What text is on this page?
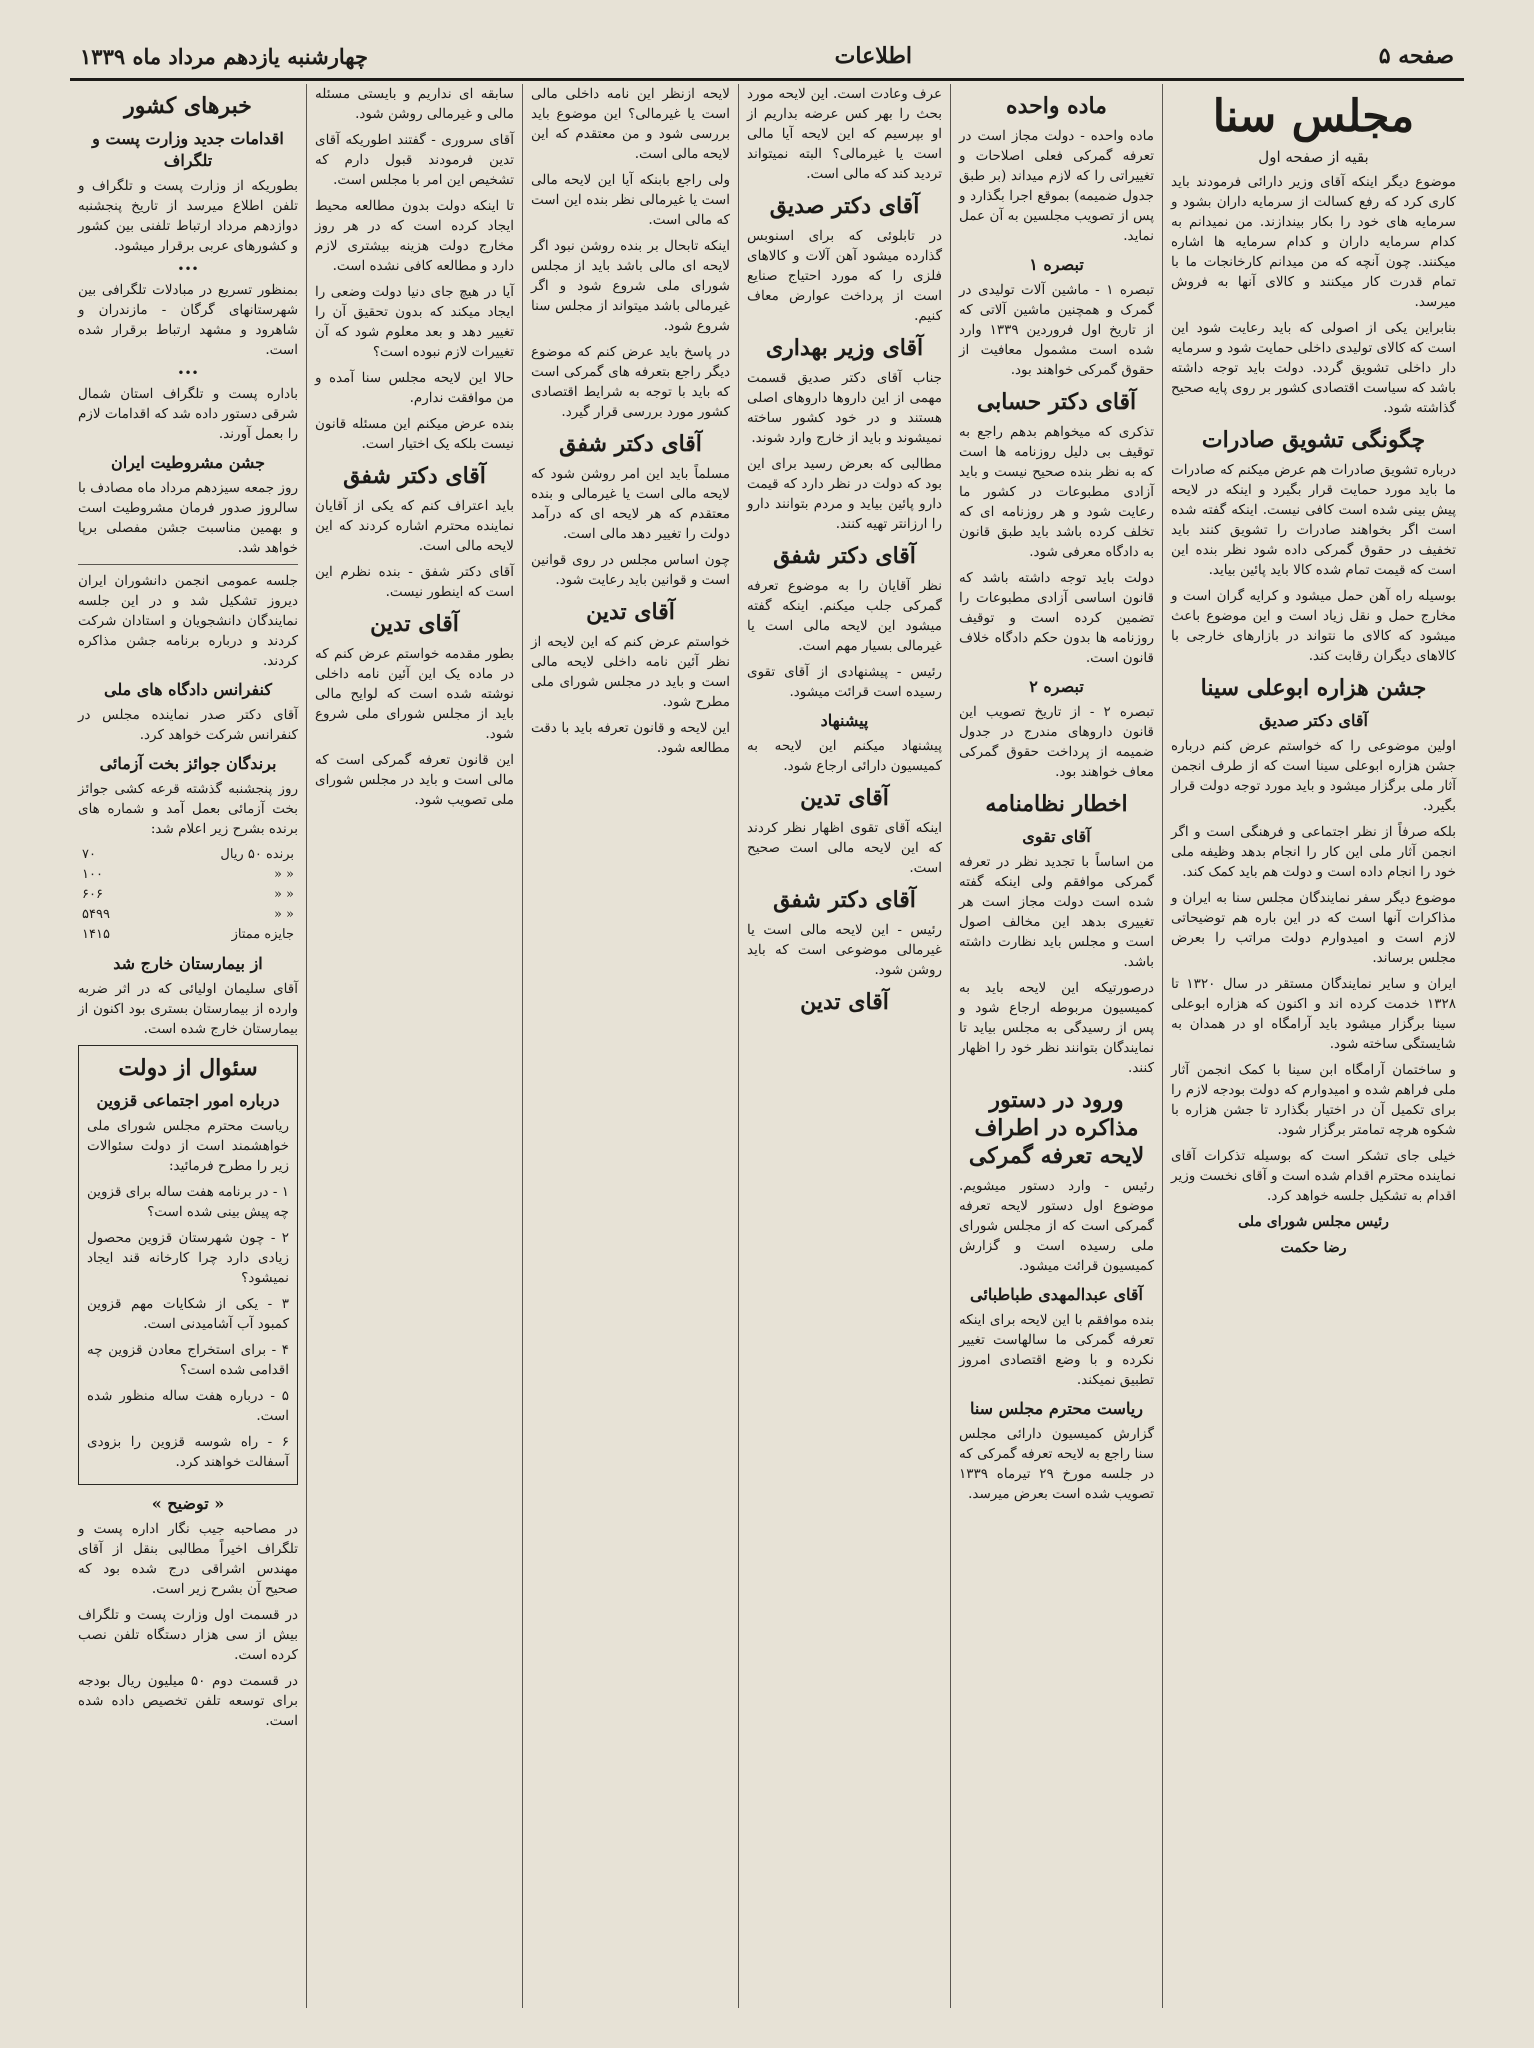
صفحه ۵
اطلاعات
چهارشنبه یازدهم مرداد ماه ۱۳۳۹
مجلس سنا
بقیه از صفحه اول

موضوع دیگر اینکه آقای وزیر دارائی فرمودند باید کاری کرد که رفع کسالت از سرمایه داران بشود و سرمایه های خود را بکار بیندازند. من نمیدانم به کدام سرمایه داران و کدام سرمایه ها اشاره میکنند. چون آنچه که من میدانم کارخانجات ما با تمام قدرت کار میکنند و کالای آنها به فروش میرسد.

بنابراین یکی از اصولی که باید رعایت شود این است که کالای تولیدی داخلی حمایت شود و سرمایه دار داخلی تشویق گردد. دولت باید توجه داشته باشد که سیاست اقتصادی کشور بر روی پایه صحیح گذاشته شود.

چگونگی تشویق صادرات

درباره تشویق صادرات هم عرض میکنم که صادرات ما باید مورد حمایت قرار بگیرد و اینکه در لایحه پیش بینی شده است کافی نیست. اینکه گفته شده است اگر بخواهند صادرات را تشویق کنند باید تخفیف در حقوق گمرکی داده شود نظر بنده این است که قیمت تمام شده کالا باید پائین بیاید.

بوسیله راه آهن حمل میشود و کرایه گران است و مخارج حمل و نقل زیاد است و این موضوع باعث میشود که کالای ما نتواند در بازارهای خارجی با کالاهای دیگران رقابت کند.

جشن هزاره ابوعلی سینا
آقای دکتر صدیق

اولین موضوعی را که خواستم عرض کنم درباره جشن هزاره ابوعلی سینا است که از طرف انجمن آثار ملی برگزار میشود و باید مورد توجه دولت قرار بگیرد.

بلکه صرفاً از نظر اجتماعی و فرهنگی است و اگر انجمن آثار ملی این کار را انجام بدهد وظیفه ملی خود را انجام داده است و دولت هم باید کمک کند.

موضوع دیگر سفر نمایندگان مجلس سنا به ایران و مذاکرات آنها است که در این باره هم توضیحاتی لازم است و امیدوارم دولت مراتب را بعرض مجلس برساند.

ایران و سایر نمایندگان مستقر در سال ۱۳۲۰ تا ۱۳۲۸ خدمت کرده اند و اکنون که هزاره ابوعلی سینا برگزار میشود باید آرامگاه او در همدان به شایستگی ساخته شود.

و ساختمان آرامگاه ابن سینا با کمک انجمن آثار ملی فراهم شده و امیدوارم که دولت بودجه لازم را برای تکمیل آن در اختیار بگذارد تا جشن هزاره با شکوه هرچه تمامتر برگزار شود.

خیلی جای تشکر است که بوسیله تذکرات آقای نماینده محترم اقدام شده است و آقای نخست وزیر اقدام به تشکیل جلسه خواهد کرد.

رئیس مجلس شورای ملی
رضا حکمت
ماده واحده

ماده واحده - دولت مجاز است در تعرفه گمرکی فعلی اصلاحات و تغییراتی را که لازم میداند (بر طبق جدول ضمیمه) بموقع اجرا بگذارد و پس از تصویب مجلسین به آن عمل نماید.

تبصره ۱

تبصره ۱ - ماشین آلات تولیدی در گمرک و همچنین ماشین آلاتی که از تاریخ اول فروردین ۱۳۳۹ وارد شده است مشمول معافیت از حقوق گمرکی خواهند بود.

آقای دکتر حسابی

تذکری که میخواهم بدهم راجع به توقیف بی دلیل روزنامه ها است که به نظر بنده صحیح نیست و باید آزادی مطبوعات در کشور ما رعایت شود و هر روزنامه ای که تخلف کرده باشد باید طبق قانون به دادگاه معرفی شود.

دولت باید توجه داشته باشد که قانون اساسی آزادی مطبوعات را تضمین کرده است و توقیف روزنامه ها بدون حکم دادگاه خلاف قانون است.

تبصره ۲

تبصره ۲ - از تاریخ تصویب این قانون داروهای مندرج در جدول ضمیمه از پرداخت حقوق گمرکی معاف خواهند بود.

اخطار نظامنامه
آقای تقوی

من اساساً با تجدید نظر در تعرفه گمرکی موافقم ولی اینکه گفته شده است دولت مجاز است هر تغییری بدهد این مخالف اصول است و مجلس باید نظارت داشته باشد.

درصورتیکه این لایحه باید به کمیسیون مربوطه ارجاع شود و پس از رسیدگی به مجلس بیاید تا نمایندگان بتوانند نظر خود را اظهار کنند.

ورود در دستور مذاکره در اطراف لایحه تعرفه گمرکی

رئیس - وارد دستور میشویم. موضوع اول دستور لایحه تعرفه گمرکی است که از مجلس شورای ملی رسیده است و گزارش کمیسیون قرائت میشود.

آقای عبدالمهدی طباطبائی

بنده موافقم با این لایحه برای اینکه تعرفه گمرکی ما سالهاست تغییر نکرده و با وضع اقتصادی امروز تطبیق نمیکند.

ریاست محترم مجلس سنا

گزارش کمیسیون دارائی مجلس سنا راجع به لایحه تعرفه گمرکی که در جلسه مورخ ۲۹ تیرماه ۱۳۳۹ تصویب شده است بعرض میرسد.

عرف وعادت است. این لایحه مورد بحث را بهر کس عرضه بداریم از او بپرسیم که این لایحه آیا مالی است یا غیرمالی؟ البته نمیتواند تردید کند که مالی است.

آقای دکتر صدیق

در تابلوئی که برای اسنوبس گذارده میشود آهن آلات و کالاهای فلزی را که مورد احتیاج صنایع است از پرداخت عوارض معاف کنیم.

آقای وزیر بهداری

جناب آقای دکتر صدیق قسمت مهمی از این داروها داروهای اصلی هستند و در خود کشور ساخته نمیشوند و باید از خارج وارد شوند.

مطالبی که بعرض رسید برای این بود که دولت در نظر دارد که قیمت دارو پائین بیاید و مردم بتوانند دارو را ارزانتر تهیه کنند.

آقای دکتر شفق

نظر آقایان را به موضوع تعرفه گمرکی جلب میکنم. اینکه گفته میشود این لایحه مالی است یا غیرمالی بسیار مهم است.

رئیس - پیشنهادی از آقای تقوی رسیده است قرائت میشود.

پیشنهاد

پیشنهاد میکنم این لایحه به کمیسیون دارائی ارجاع شود.

آقای تدین

اینکه آقای تقوی اظهار نظر کردند که این لایحه مالی است صحیح است.

آقای دکتر شفق

رئیس - این لایحه مالی است یا غیرمالی موضوعی است که باید روشن شود.

آقای تدین

لایحه ازنظر این نامه داخلی مالی است یا غیرمالی؟ این موضوع باید بررسی شود و من معتقدم که این لایحه مالی است.

ولی راجع بابنکه آیا این لایحه مالی است یا غیرمالی نظر بنده این است که مالی است.

اینکه تابحال بر بنده روشن نبود اگر لایحه ای مالی باشد باید از مجلس شورای ملی شروع شود و اگر غیرمالی باشد میتواند از مجلس سنا شروع شود.

در پاسخ باید عرض کنم که موضوع دیگر راجع بتعرفه های گمرکی است که باید با توجه به شرایط اقتصادی کشور مورد بررسی قرار گیرد.

آقای دکتر شفق

مسلماً باید این امر روشن شود که لایحه مالی است یا غیرمالی و بنده معتقدم که هر لایحه ای که درآمد دولت را تغییر دهد مالی است.

چون اساس مجلس در روی قوانین است و قوانین باید رعایت شود.

آقای تدین

خواستم عرض کنم که این لایحه از نظر آئین نامه داخلی لایحه مالی است و باید در مجلس شورای ملی مطرح شود.

این لایحه و قانون تعرفه باید با دقت مطالعه شود.

سابقه ای نداریم و بایستی مسئله مالی و غیرمالی روشن شود.

آقای سروری - گفتند اطوریکه آقای تدین فرمودند قبول دارم که تشخیص این امر با مجلس است.

تا اینکه دولت بدون مطالعه محیط ایجاد کرده است که در هر روز مخارج دولت هزینه بیشتری لازم دارد و مطالعه کافی نشده است.

آیا در هیچ جای دنیا دولت وضعی را ایجاد میکند که بدون تحقیق آن را تغییر دهد و بعد معلوم شود که آن تغییرات لازم نبوده است؟

حالا این لایحه مجلس سنا آمده و من موافقت ندارم.

بنده عرض میکنم این مسئله قانون نیست بلکه یک اختیار است.

آقای دکتر شفق

باید اعتراف کنم که یکی از آقایان نماینده محترم اشاره کردند که این لایحه مالی است.

آقای دکتر شفق - بنده نظرم این است که اینطور نیست.

آقای تدین

بطور مقدمه خواستم عرض کنم که در ماده یک این آئین نامه داخلی نوشته شده است که لوایح مالی باید از مجلس شورای ملی شروع شود.

این قانون تعرفه گمرکی است که مالی است و باید در مجلس شورای ملی تصویب شود.

خبرهای کشور
اقدامات جدید وزارت پست و تلگراف

بطوریکه از وزارت پست و تلگراف و تلفن اطلاع میرسد از تاریخ پنجشنبه دوازدهم مرداد ارتباط تلفنی بین کشور و کشورهای عربی برقرار میشود.

•••

بمنظور تسریع در مبادلات تلگرافی بین شهرستانهای گرگان - مازندران و شاهرود و مشهد ارتباط برقرار شده است.

•••

باداره پست و تلگراف استان شمال شرقی دستور داده شد که اقدامات لازم را بعمل آورند.

جشن مشروطیت ایران

روز جمعه سیزدهم مرداد ماه مصادف با سالروز صدور فرمان مشروطیت است و بهمین مناسبت جشن مفصلی برپا خواهد شد.

جلسه عمومی انجمن دانشوران ایران دیروز تشکیل شد و در این جلسه نمایندگان دانشجویان و استادان شرکت کردند و درباره برنامه جشن مذاکره کردند.

کنفرانس دادگاه های ملی

آقای دکتر صدر نماینده مجلس در کنفرانس شرکت خواهد کرد.

برندگان جوائز بخت آزمائی

روز پنجشنبه گذشته قرعه کشی جوائز بخت آزمائی بعمل آمد و شماره های برنده بشرح زیر اعلام شد:

برنده ۵۰ ریال	۷۰
« «	۱۰۰
« «	۶۰۶
« «	۵۴۹۹
جایزه ممتاز	۱۴۱۵
از بیمارستان خارج شد

آقای سلیمان اولیائی که در اثر ضربه وارده از بیمارستان بستری بود اکنون از بیمارستان خارج شده است.

سئوال از دولت
درباره امور اجتماعی قزوین

ریاست محترم مجلس شورای ملی خواهشمند است از دولت سئوالات زیر را مطرح فرمائید:

۱ - در برنامه هفت ساله برای قزوین چه پیش بینی شده است؟

۲ - چون شهرستان قزوین محصول زیادی دارد چرا کارخانه قند ایجاد نمیشود؟

۳ - یکی از شکایات مهم قزوین کمبود آب آشامیدنی است.

۴ - برای استخراج معادن قزوین چه اقدامی شده است؟

۵ - درباره هفت ساله منظور شده است.

۶ - راه شوسه قزوین را بزودی آسفالت خواهند کرد.

« توضیح »

در مصاحبه جیب نگار اداره پست و تلگراف اخیراً مطالبی بنقل از آقای مهندس اشراقی درج شده بود که صحیح آن بشرح زیر است.

در قسمت اول وزارت پست و تلگراف بیش از سی هزار دستگاه تلفن نصب کرده است.

در قسمت دوم ۵۰ میلیون ریال بودجه برای توسعه تلفن تخصیص داده شده است.
